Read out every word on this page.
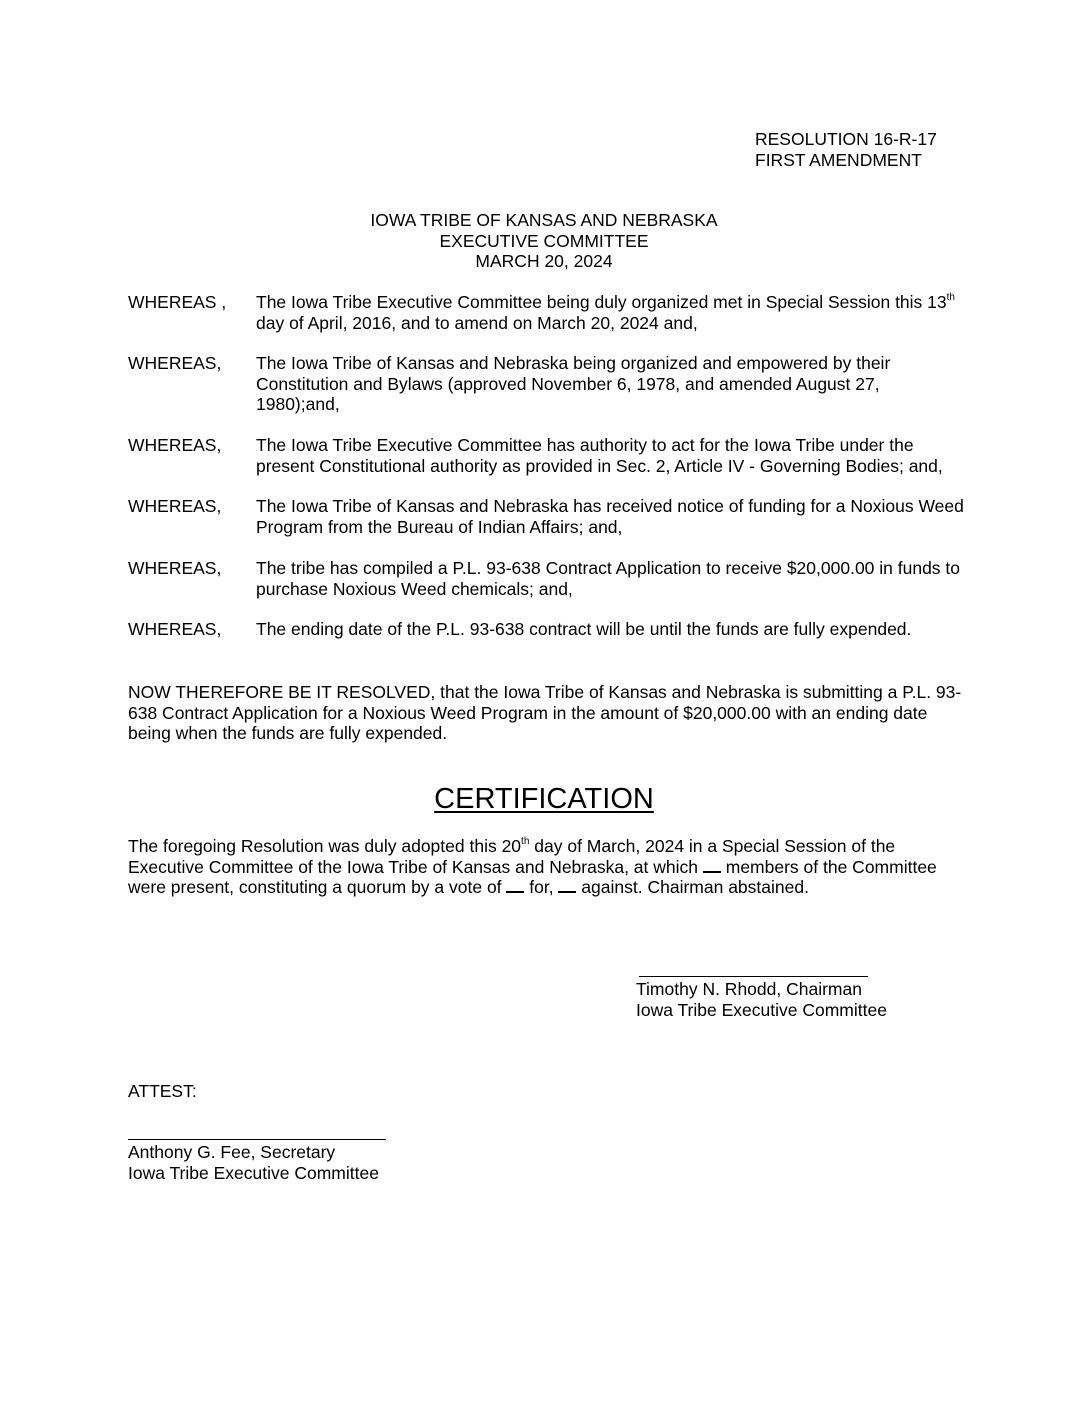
RESOLUTION 16-R-17
FIRST AMENDMENT
IOWA TRIBE OF KANSAS AND NEBRASKA
EXECUTIVE COMMITTEE
MARCH 20, 2024
WHEREAS ,	The Iowa Tribe Executive Committee being duly organized met in Special Session this 13th day of April, 2016, and to amend on March 20, 2024 and,
WHEREAS,	The Iowa Tribe of Kansas and Nebraska being organized and empowered by their Constitution and Bylaws (approved November 6, 1978, and amended August 27, 1980);and,
WHEREAS,	The Iowa Tribe Executive Committee has authority to act for the Iowa Tribe under the present Constitutional authority as provided in Sec. 2, Article IV - Governing Bodies; and,
WHEREAS,	The Iowa Tribe of Kansas and Nebraska has received notice of funding for a Noxious Weed Program from the Bureau of Indian Affairs; and,
WHEREAS,	The tribe has compiled a P.L. 93-638 Contract Application to receive $20,000.00 in funds to purchase Noxious Weed chemicals; and,
WHEREAS,	The ending date of the P.L. 93-638 contract will be until the funds are fully expended.
NOW THEREFORE BE IT RESOLVED, that the Iowa Tribe of Kansas and Nebraska is submitting a P.L. 93-638 Contract Application for a Noxious Weed Program in the amount of $20,000.00 with an ending date being when the funds are fully expended.
CERTIFICATION
The foregoing Resolution was duly adopted this 20th day of March, 2024 in a Special Session of the Executive Committee of the Iowa Tribe of Kansas and Nebraska, at which  members of the Committee were present, constituting a quorum by a vote of  for,  against. Chairman abstained.
Timothy N. Rhodd, Chairman
Iowa Tribe Executive Committee
ATTEST:
Anthony G. Fee, Secretary
Iowa Tribe Executive Committee
